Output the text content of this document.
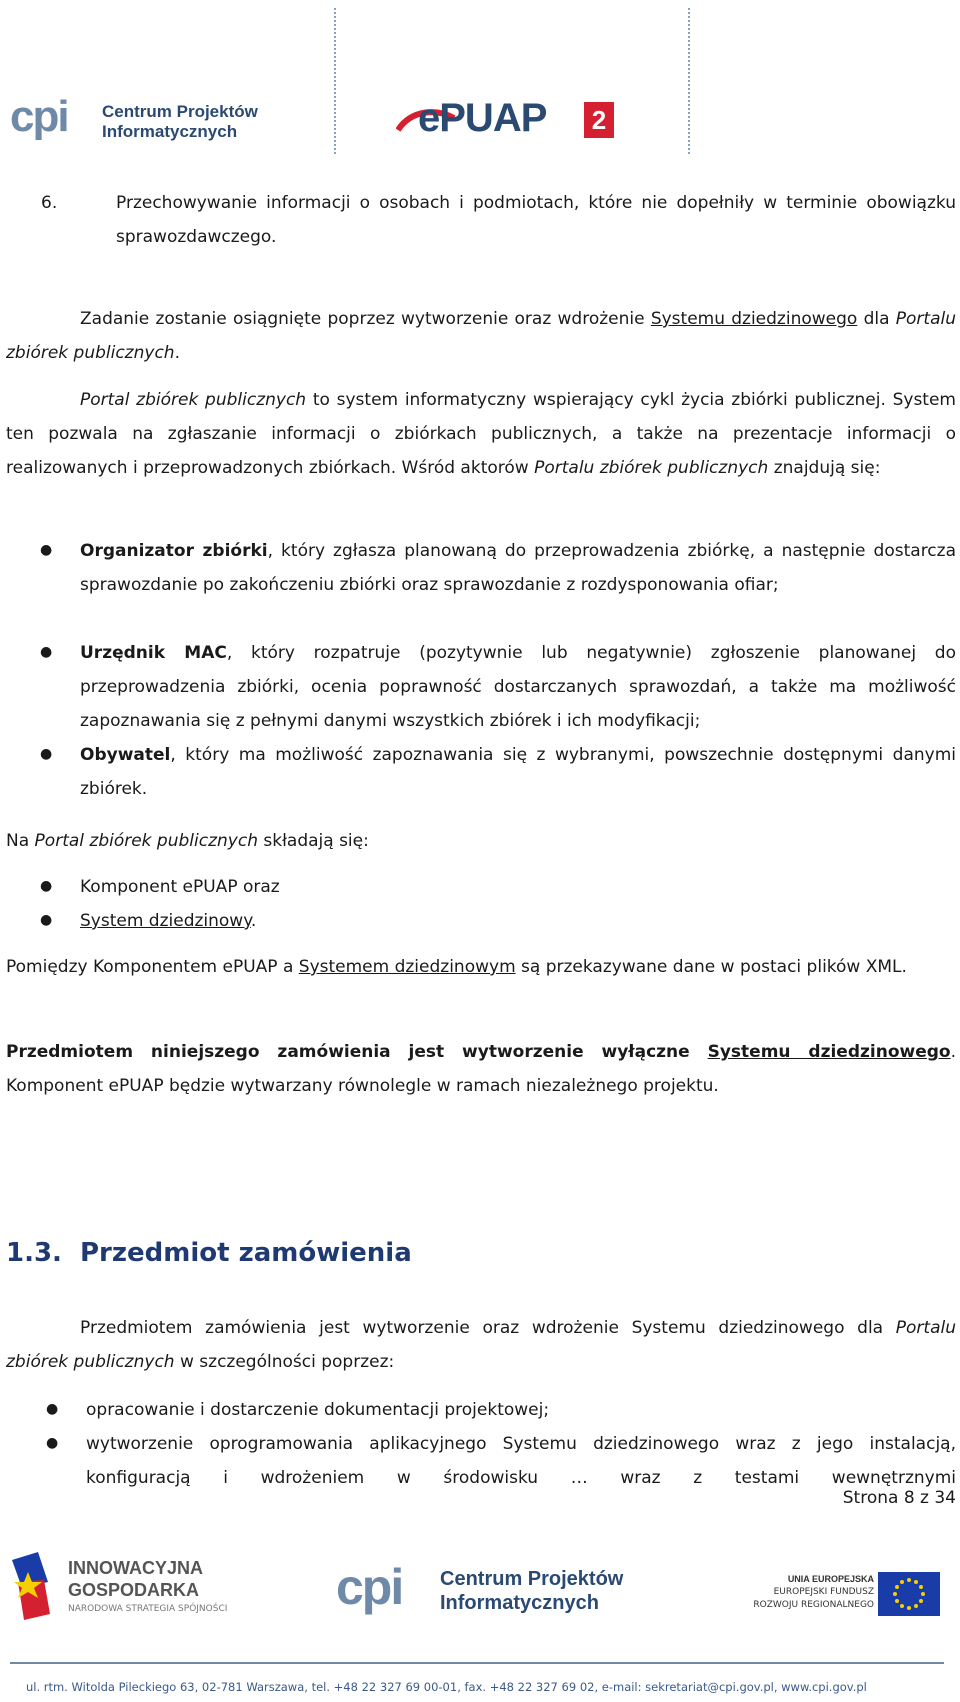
cpi Centrum Projektów
Informatycznych	ePUAP 2
6.	Przechowywanie informacji o osobach i podmiotach, które nie dopełniły w terminie obowiązku sprawozdawczego.
Zadanie zostanie osiągnięte poprzez wytworzenie oraz wdrożenie Systemu dziedzinowego dla Portalu zbiórek publicznych.
Portal zbiórek publicznych to system informatyczny wspierający cykl życia zbiórki publicznej. System ten pozwala na zgłaszanie informacji o zbiórkach publicznych, a także na prezentacje informacji o realizowanych i przeprowadzonych zbiórkach. Wśród aktorów Portalu zbiórek publicznych znajdują się:
● Organizator zbiórki, który zgłasza planowaną do przeprowadzenia zbiórkę, a następnie dostarcza sprawozdanie po zakończeniu zbiórki oraz sprawozdanie z rozdysponowania ofiar;
● Urzędnik MAC, który rozpatruje (pozytywnie lub negatywnie) zgłoszenie planowanej do przeprowadzenia zbiórki, ocenia poprawność dostarczanych sprawozdań, a także ma możliwość zapoznawania się z pełnymi danymi wszystkich zbiórek i ich modyfikacji;
● Obywatel, który ma możliwość zapoznawania się z wybranymi, powszechnie dostępnymi danymi zbiórek.
Na Portal zbiórek publicznych składają się:
● Komponent ePUAP oraz
● System dziedzinowy.
Pomiędzy Komponentem ePUAP a Systemem dziedzinowym są przekazywane dane w postaci plików XML.
Przedmiotem niniejszego zamówienia jest wytworzenie wyłączne Systemu dziedzinowego. Komponent ePUAP będzie wytwarzany równolegle w ramach niezależnego projektu.
1.3. Przedmiot zamówienia
Przedmiotem zamówienia jest wytworzenie oraz wdrożenie Systemu dziedzinowego dla Portalu zbiórek publicznych w szczególności poprzez:
● opracowanie i dostarczenie dokumentacji projektowej;
● wytworzenie oprogramowania aplikacyjnego Systemu dziedzinowego wraz z jego instalacją, konfiguracją i wdrożeniem w środowisku … wraz z testami wewnętrznymi
Strona 8 z 34
INNOWACYJNA
GOSPODARKA
NARODOWA STRATEGIA SPÓJNOŚCI cpi Centrum Projektów
Informatycznych
UNIA EUROPEJSKA
EUROPEJSKI FUNDUSZ
ROZWOJU REGIONALNEGO
ul. rtm. Witolda Pileckiego 63, 02-781 Warszawa, tel. +48 22 327 69 00-01, fax. +48 22 327 69 02, e-mail: sekretariat@cpi.gov.pl, www.cpi.gov.pl
